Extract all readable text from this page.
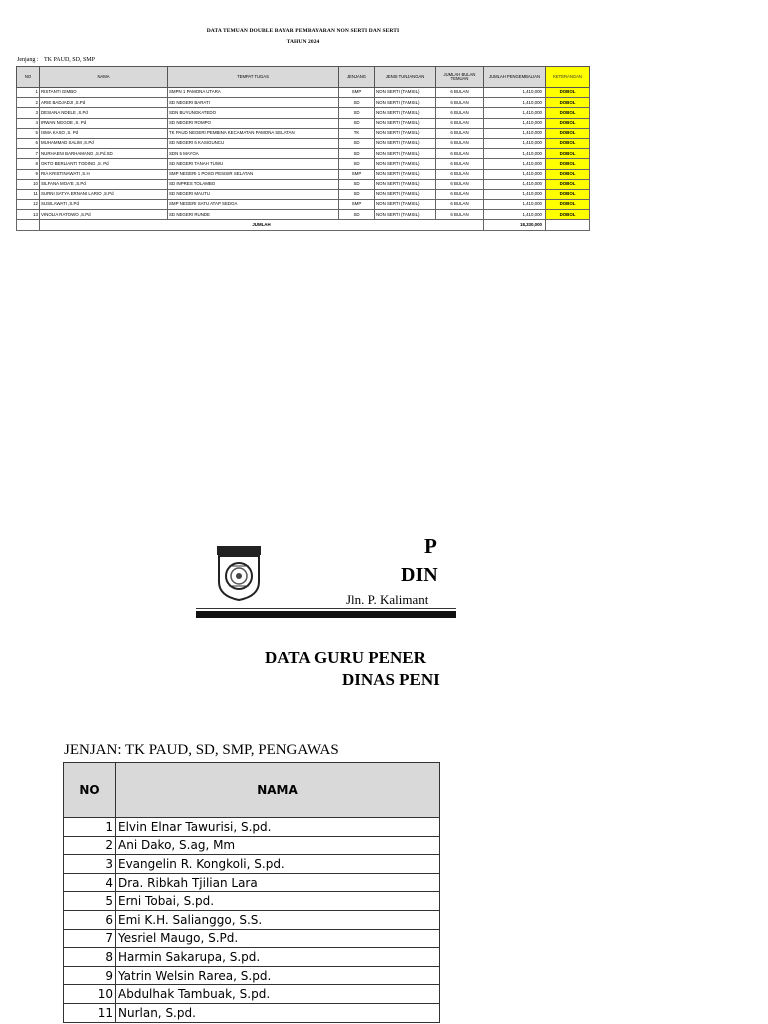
DATA TEMUAN DOUBLE BAYAR PEMBAYARAN NON SERTI DAN SERTI
TAHUN 2024
Jenjang : TK PAUD, SD, SMP
NO	NAMA	TEMPAT TUGAS	JENJANG	JENIS TUNJANGAN	JUMLAH BULAN TEMUAN	JUMLAH PENGEMBALIAN	KETERANGAN
1	RISTANTI GIMBO	SMPN 1 PAMONA UTARA	SMP	NON SERTI (TAMSIL)	6 BULAN	1,410,000	DOBOL
2	ARIE BADJADJI ,S.Pd	SD NEGERI BARATI	SD	NON SERTI (TAMSIL)	6 BULAN	1,410,000	DOBOL
3	DESIANA NDELE ,S.Pd	SDN BUYUNGKATEDO	SD	NON SERTI (TAMSIL)	6 BULAN	1,410,000	DOBOL
4	IRWAN NGGOE ,S. Pd	SD NEGERI ROMPO	SD	NON SERTI (TAMSIL)	6 BULAN	1,410,000	DOBOL
5	ISMA KASO ,S. Pd	TK PAUD NEGERI PEMBINA KECAMATAN PAMONA SELATAN	TK	NON SERTI (TAMSIL)	6 BULAN	1,410,000	DOBOL
6	MUHAMMAD SALIM ,S.Pd	SD NEGERI 6 KASIGUNCU	SD	NON SERTI (TAMSIL)	6 BULAN	1,410,000	DOBOL
7	NURHAENI BARHAMANG ,S.Pd.SD	SDN 5 MAYOA	SD	NON SERTI (TAMSIL)	6 BULAN	1,410,000	DOBOL
8	OKTO BERLIANTI TODING ,S. Pd	SD NEGERI TANAH TUWU	SD	NON SERTI (TAMSIL)	6 BULAN	1,410,000	DOBOL
9	RIA KRISTINAWATI ,S.H	SMP NEGERI 1 POSO PESISIR SELATAN	SMP	NON SERTI (TAMSIL)	6 BULAN	1,410,000	DOBOL
10	SILFANA MOA'E ,S.Pd	SD INPRES TOLAMBO	SD	NON SERTI (TAMSIL)	6 BULAN	1,410,000	DOBOL
11	SURNI SATYA ERNANI LARIO ,S.Pd	SD NEGERI MAUTU	SD	NON SERTI (TAMSIL)	6 BULAN	1,410,000	DOBOL
12	SUSILAWATI ,S.Pd	SMP NEGERI SATU ATAP SEDOA	SMP	NON SERTI (TAMSIL)	6 BULAN	1,410,000	DOBOL
13	VINOLIA RATOWO ,S.Pd	SD NEGERI RUNDE	SD	NON SERTI (TAMSIL)	6 BULAN	1,410,000	DOBOL
	JUMLAH					18,330,000	
P
DIN
Jln. P. Kalimant
DATA GURU PENER
DINAS PENI
JENJAN: TK PAUD, SD, SMP, PENGAWAS
NO	NAMA
1	Elvin Elnar Tawurisi, S.pd.
2	Ani Dako, S.ag, Mm
3	Evangelin R. Kongkoli, S.pd.
4	Dra. Ribkah Tjilian Lara
5	Erni Tobai, S.pd.
6	Emi K.H. Salianggo, S.S.
7	Yesriel Maugo, S.Pd.
8	Harmin Sakarupa, S.pd.
9	Yatrin Welsin Rarea, S.pd.
10	Abdulhak Tambuak, S.pd.
11	Nurlan, S.pd.
